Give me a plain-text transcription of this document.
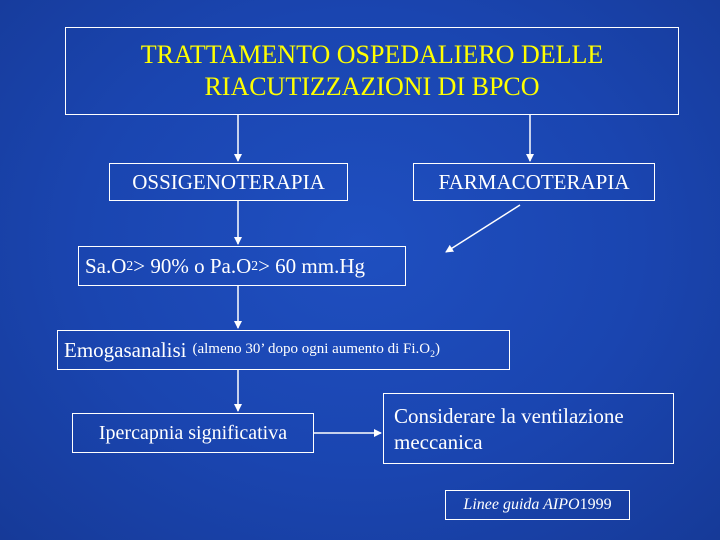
TRATTAMENTO OSPEDALIERO DELLE
RIACUTIZZAZIONI DI BPCO
OSSIGENOTERAPIA	FARMACOTERAPIA
Sa.O 2 > 90% o Pa.O 2 > 60 mm.Hg
Emogasanalisi (almeno 30’ dopo ogni aumento di $Fi.O_2$)
Ipercapnia significativa
Considerare la ventilazione
meccanica
Linee guida AIPO 1999
